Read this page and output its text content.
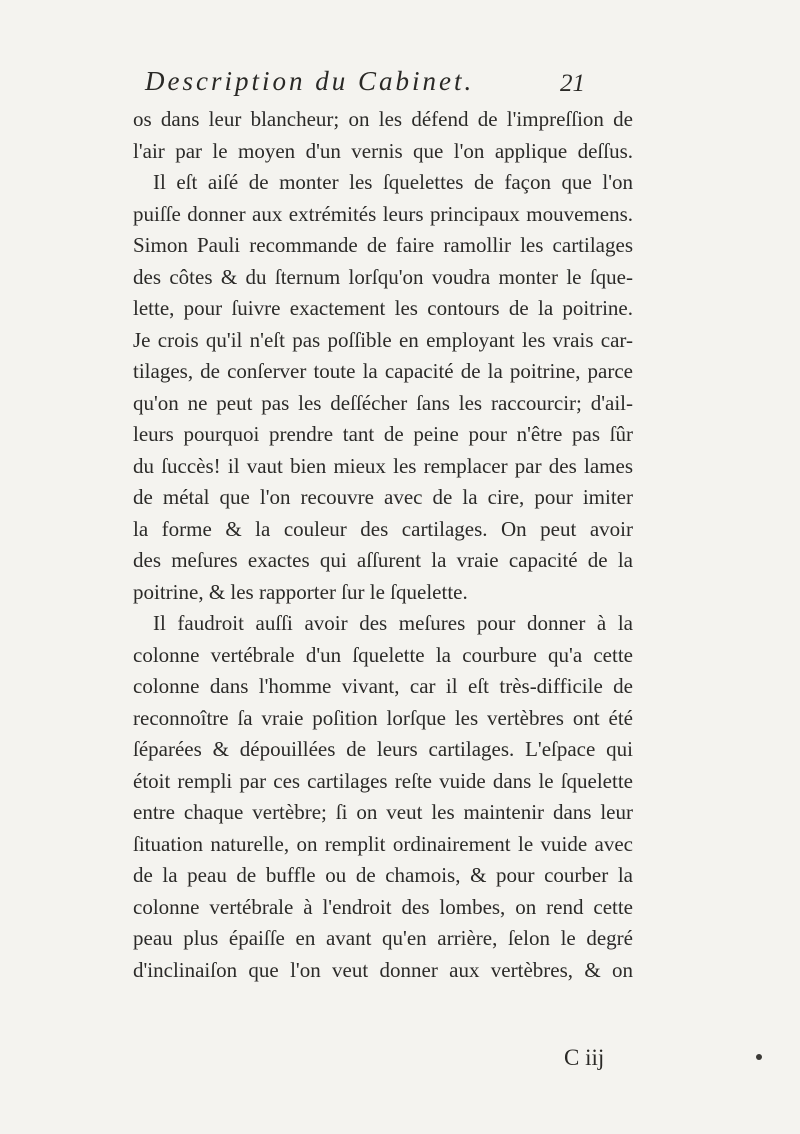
Description du Cabinet.	21
os dans leur blancheur; on les défend de l'impreſſion de
l'air par le moyen d'un vernis que l'on applique deſſus.
Il eſt aiſé de monter les ſquelettes de façon que l'on
puiſſe donner aux extrémités leurs principaux mouvemens.
Simon Pauli recommande de faire ramollir les cartilages
des côtes & du ſternum lorſqu'on voudra monter le ſque-
lette, pour ſuivre exactement les contours de la poitrine.
Je crois qu'il n'eſt pas poſſible en employant les vrais car-
tilages, de conſerver toute la capacité de la poitrine, parce
qu'on ne peut pas les deſſécher ſans les raccourcir; d'ail-
leurs pourquoi prendre tant de peine pour n'être pas ſûr
du ſuccès! il vaut bien mieux les remplacer par des lames
de métal que l'on recouvre avec de la cire, pour imiter
la forme & la couleur des cartilages. On peut avoir
des meſures exactes qui aſſurent la vraie capacité de la
poitrine, & les rapporter ſur le ſquelette.
Il faudroit auſſi avoir des meſures pour donner à la
colonne vertébrale d'un ſquelette la courbure qu'a cette
colonne dans l'homme vivant, car il eſt très-difficile de
reconnoître ſa vraie poſition lorſque les vertèbres ont été
ſéparées & dépouillées de leurs cartilages. L'eſpace qui
étoit rempli par ces cartilages reſte vuide dans le ſquelette
entre chaque vertèbre; ſi on veut les maintenir dans leur
ſituation naturelle, on remplit ordinairement le vuide avec
de la peau de buffle ou de chamois, & pour courber la
colonne vertébrale à l'endroit des lombes, on rend cette
peau plus épaiſſe en avant qu'en arrière, ſelon le degré
d'inclinaiſon que l'on veut donner aux vertèbres, & on
C iij
